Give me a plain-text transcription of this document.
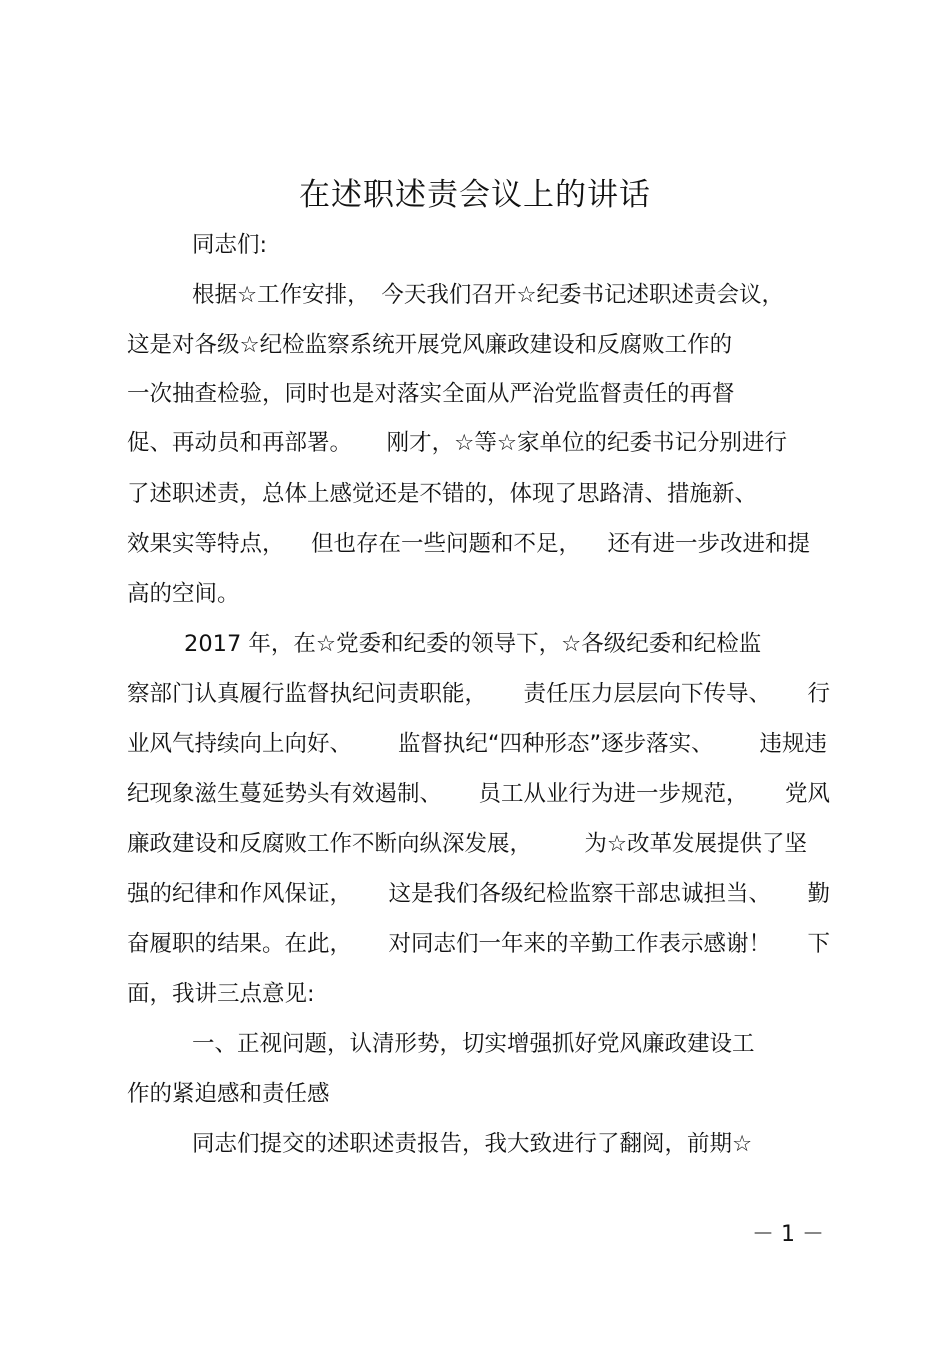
在述职述责会议上的讲话
同志们:
根据☆工作安排， 今天我们召开☆纪委书记述职述责会议，
这是对各级☆纪检监察系统开展党风廉政建设和反腐败工作的
一次抽查检验，同时也是对落实全面从严治党监督责任的再督
促、再动员和再部署。 刚才，☆等☆家单位的纪委书记分别进行
了述职述责，总体上感觉还是不错的，体现了思路清、措施新、
效果实等特点， 但也存在一些问题和不足， 还有进一步改进和提
高的空间。
2017 年，在☆党委和纪委的领导下，☆各级纪委和纪检监
察部门认真履行监督执纪问责职能， 责任压力层层向下传导、 行
业风气持续向上向好、 监督执纪“四种形态”逐步落实、 违规违
纪现象滋生蔓延势头有效遏制、 员工从业行为进一步规范， 党风
廉政建设和反腐败工作不断向纵深发展， 为☆改革发展提供了坚
强的纪律和作风保证， 这是我们各级纪检监察干部忠诚担当、 勤
奋履职的结果。在此， 对同志们一年来的辛勤工作表示感谢！ 下
面，我讲三点意见:
一、正视问题，认清形势，切实增强抓好党风廉政建设工
作的紧迫感和责任感
同志们提交的述职述责报告，我大致进行了翻阅，前期☆
－ 1 －
